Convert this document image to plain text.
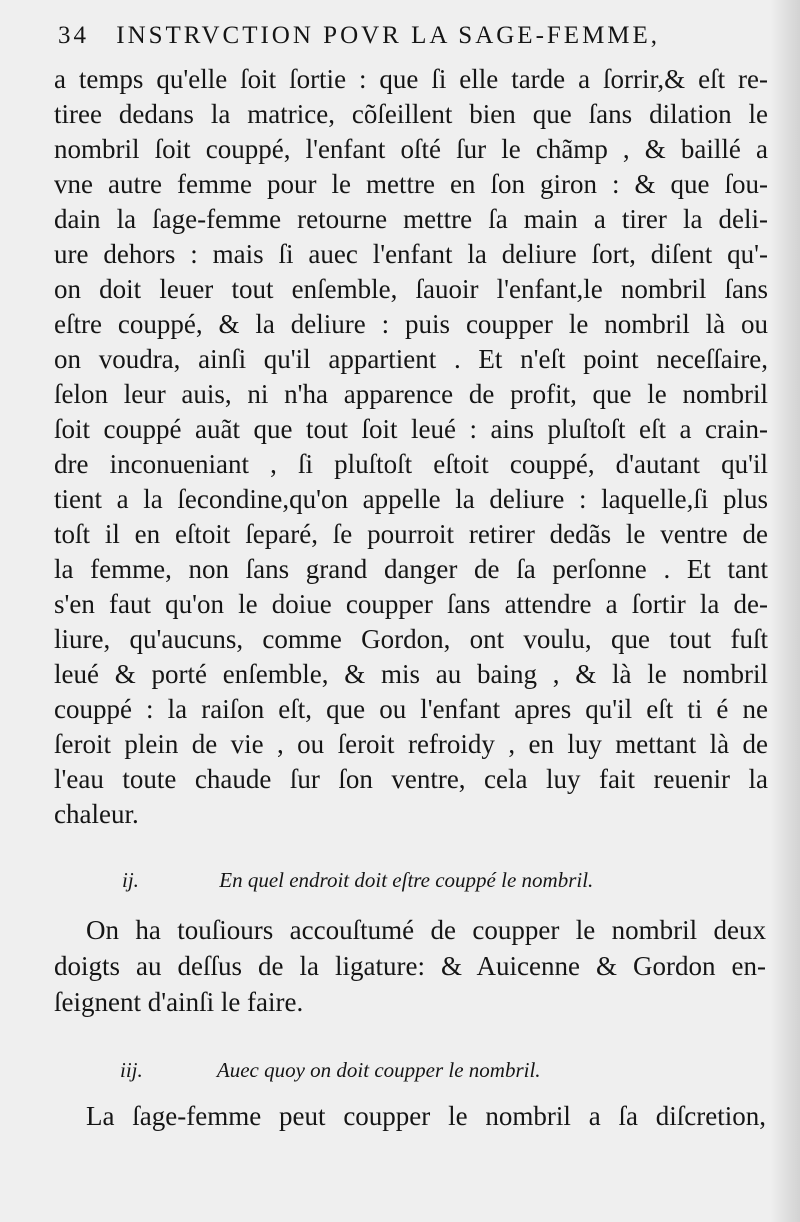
34 INSTRVCTION POVR LA SAGE-FEMME,
a temps qu'elle ſoit ſortie : que ſi elle tarde a ſorrir,& eſt re-
tiree dedans la matrice, cõſeillent bien que ſans dilation le
nombril ſoit couppé, l'enfant oſté ſur le chãmp , & baillé a
vne autre femme pour le mettre en ſon giron : & que ſou-
dain la ſage-femme retourne mettre ſa main a tirer la deli-
ure dehors : mais ſi auec l'enfant la deliure ſort, diſent qu'-
on doit leuer tout enſemble, ſauoir l'enfant,le nombril ſans
eſtre couppé, & la deliure : puis coupper le nombril là ou
on voudra, ainſi qu'il appartient . Et n'eſt point neceſſaire,
ſelon leur auis, ni n'ha apparence de profit, que le nombril
ſoit couppé auãt que tout ſoit leué : ains pluſtoſt eſt a crain-
dre inconueniant , ſi pluſtoſt eſtoit couppé, d'autant qu'il
tient a la ſecondine,qu'on appelle la deliure : laquelle,ſi plus
toſt il en eſtoit ſeparé, ſe pourroit retirer dedãs le ventre de
la femme, non ſans grand danger de ſa perſonne . Et tant
s'en faut qu'on le doiue coupper ſans attendre a ſortir la de-
liure, qu'aucuns, comme Gordon, ont voulu, que tout fuſt
leué & porté enſemble, & mis au baing , & là le nombril
couppé : la raiſon eſt, que ou l'enfant apres qu'il eſt ti é ne
ſeroit plein de vie , ou ſeroit refroidy , en luy mettant là de
l'eau toute chaude ſur ſon ventre, cela luy fait reuenir la
chaleur.
ij.	En quel endroit doit eſtre couppé le nombril.
On ha touſiours accouſtumé de coupper le nombril deux
doigts au deſſus de la ligature: & Auicenne & Gordon en-
ſeignent d'ainſi le faire.
iij.	Auec quoy on doit coupper le nombril.
La ſage-femme peut coupper le nombril a ſa diſcretion,
